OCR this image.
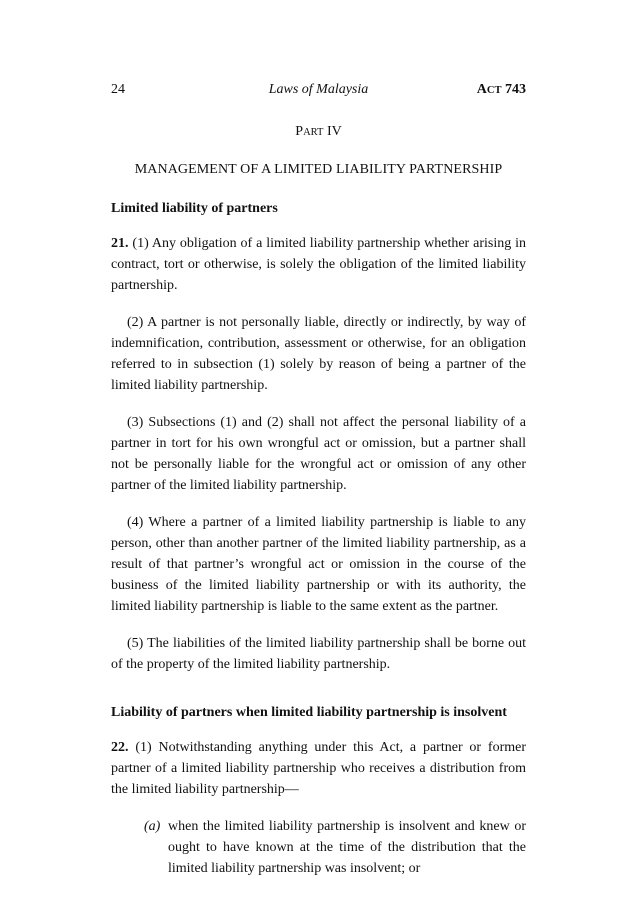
24	Laws of Malaysia	ACT 743
PART IV
MANAGEMENT OF A LIMITED LIABILITY PARTNERSHIP
Limited liability of partners

21. (1) Any obligation of a limited liability partnership whether arising in contract, tort or otherwise, is solely the obligation of the limited liability partnership.

(2) A partner is not personally liable, directly or indirectly, by way of indemnification, contribution, assessment or otherwise, for an obligation referred to in subsection (1) solely by reason of being a partner of the limited liability partnership.

(3) Subsections (1) and (2) shall not affect the personal liability of a partner in tort for his own wrongful act or omission, but a partner shall not be personally liable for the wrongful act or omission of any other partner of the limited liability partnership.

(4) Where a partner of a limited liability partnership is liable to any person, other than another partner of the limited liability partnership, as a result of that partner’s wrongful act or omission in the course of the business of the limited liability partnership or with its authority, the limited liability partnership is liable to the same extent as the partner.

(5) The liabilities of the limited liability partnership shall be borne out of the property of the limited liability partnership.

Liability of partners when limited liability partnership is insolvent

22. (1) Notwithstanding anything under this Act, a partner or former partner of a limited liability partnership who receives a distribution from the limited liability partnership—

(a) when the limited liability partnership is insolvent and knew or ought to have known at the time of the distribution that the limited liability partnership was insolvent; or
